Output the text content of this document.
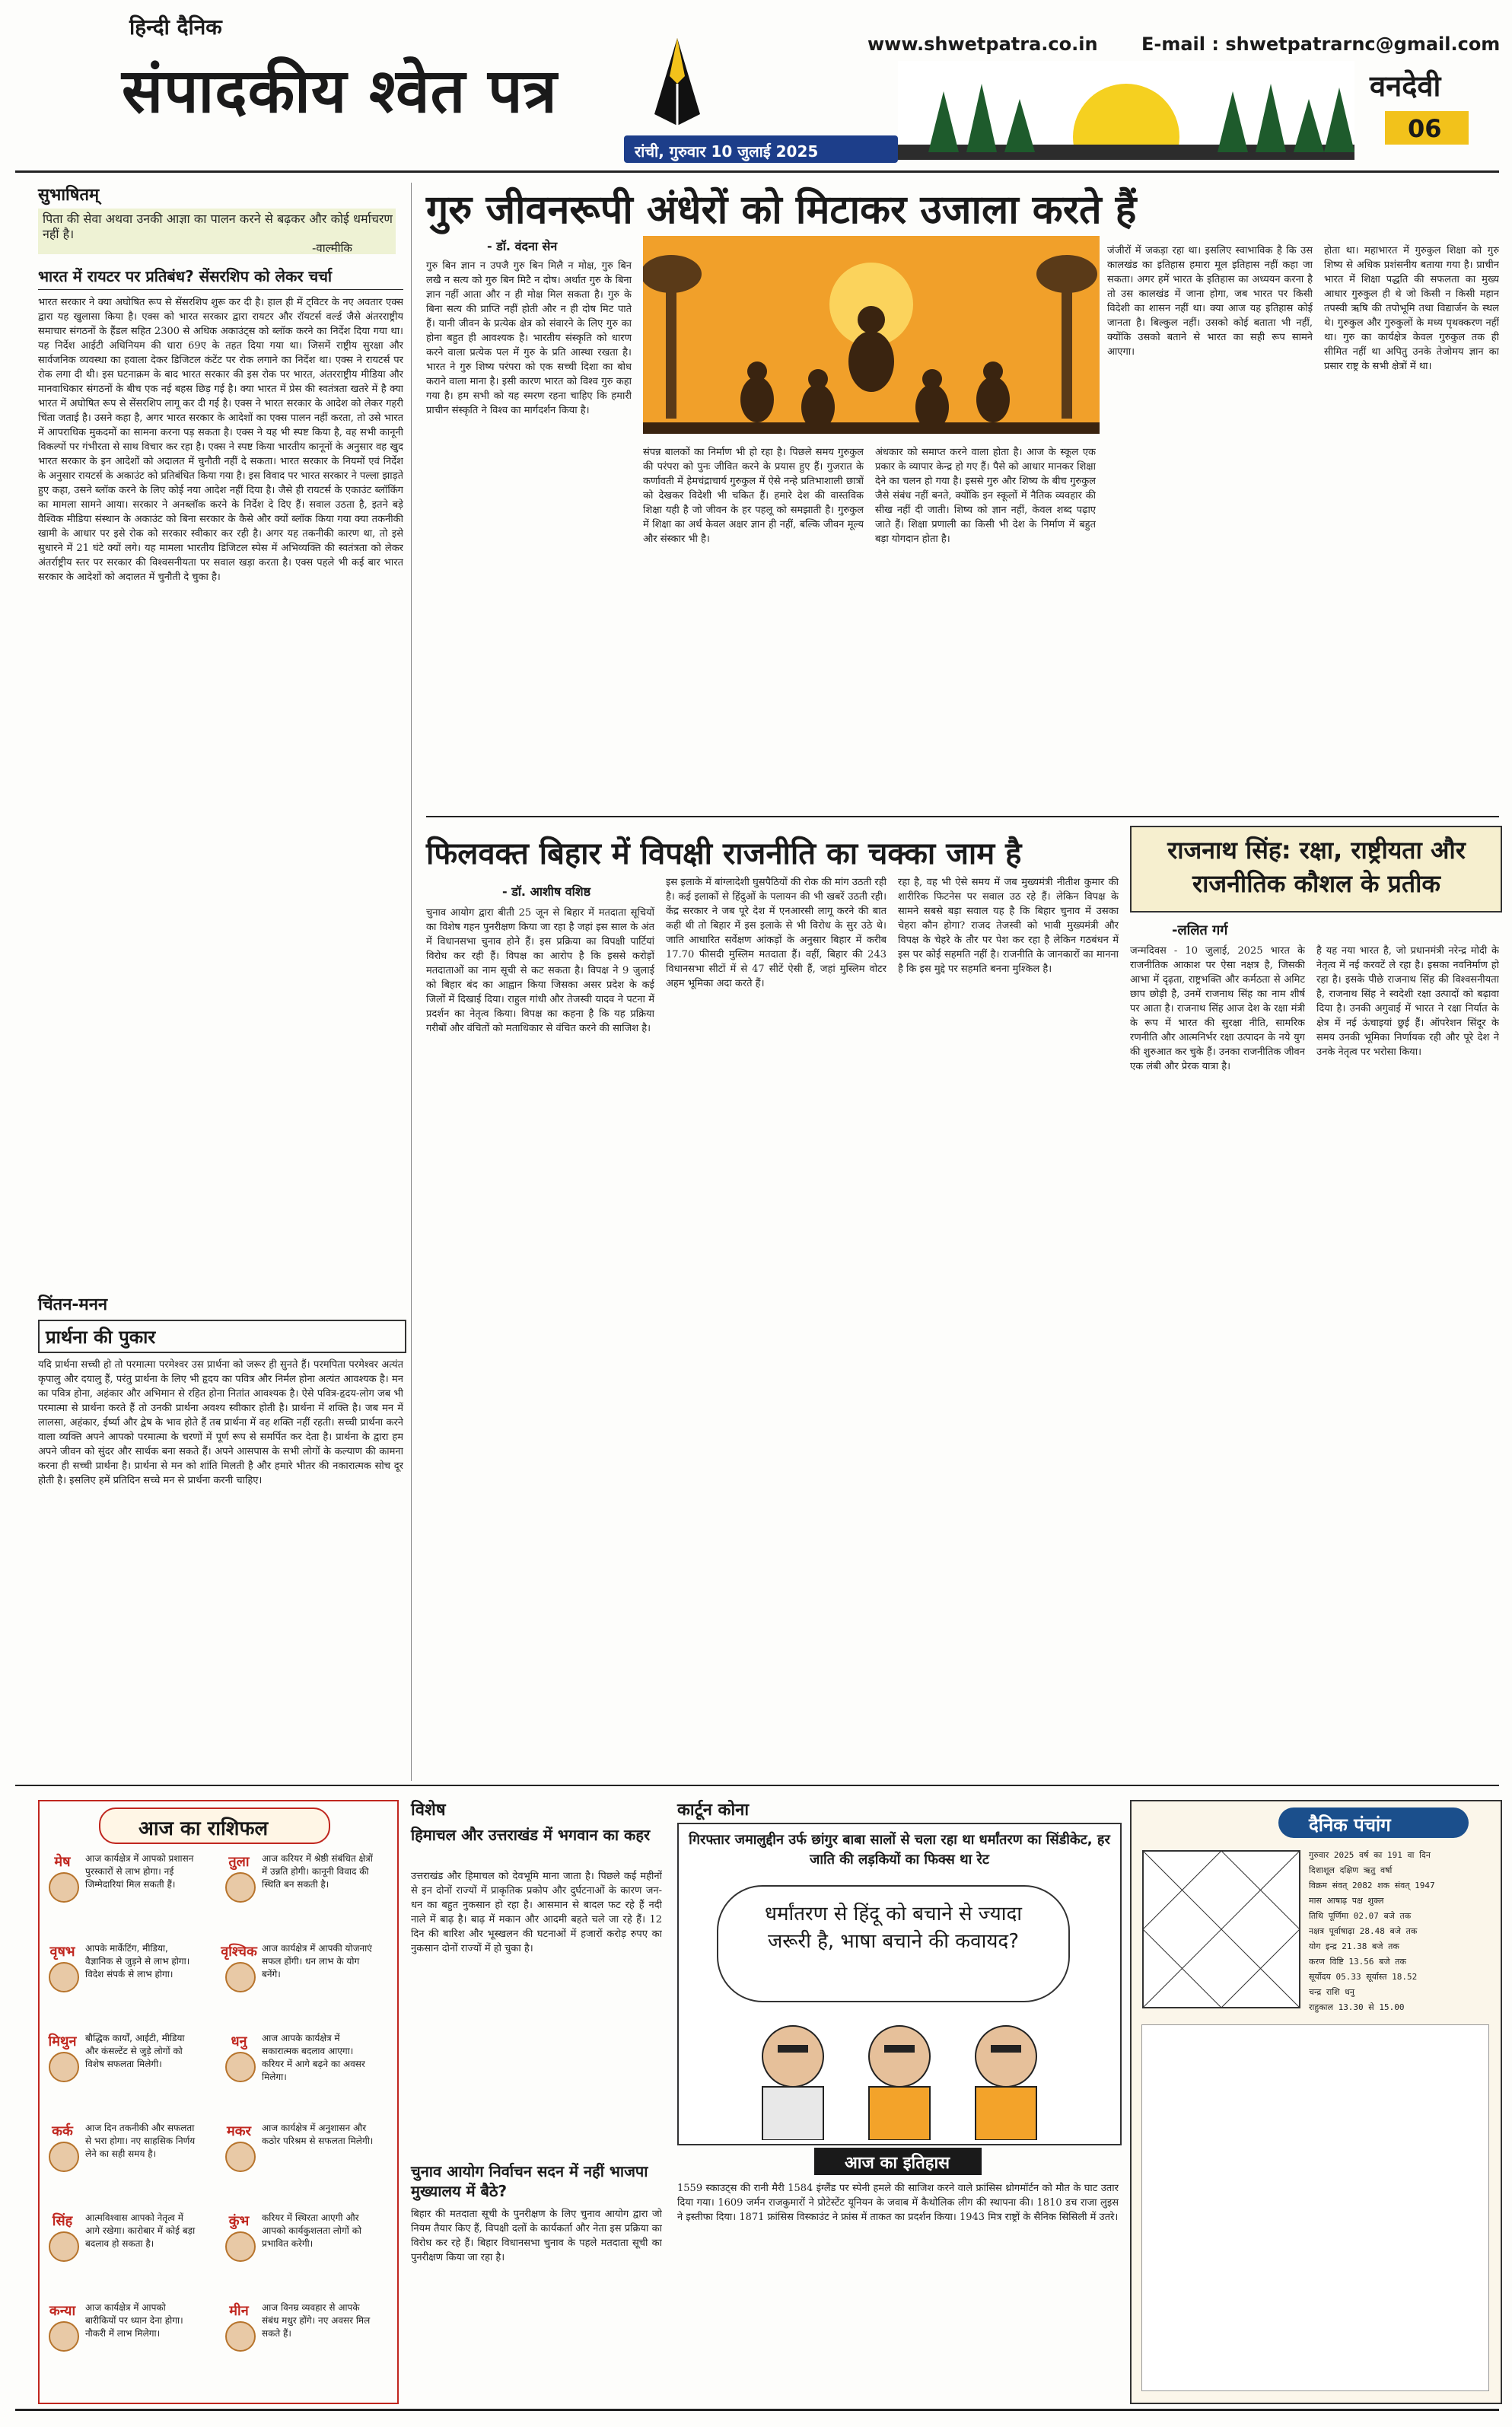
हिन्दी दैनिक
संपादकीय श्वेत पत्र
रांची, गुरुवार 10 जुलाई 2025
www.shwetpatra.co.in E-mail : shwetpatrarnc@gmail.com
वनदेवी
06
सुभाषितम्
पिता की सेवा अथवा उनकी आज्ञा का पालन करने से बढ़कर और कोई धर्माचरण नहीं है।
-वाल्मीकि
भारत में रायटर पर प्रतिबंध? सेंसरशिप को लेकर चर्चा
भारत सरकार ने क्या अघोषित रूप से सेंसरशिप शुरू कर दी है। हाल ही में ट्विटर के नए अवतार एक्स द्वारा यह खुलासा किया है। एक्स को भारत सरकार द्वारा रायटर और रॉयटर्स वर्ल्ड जैसे अंतरराष्ट्रीय समाचार संगठनों के हैंडल सहित 2300 से अधिक अकाउंट्स को ब्लॉक करने का निर्देश दिया गया था। यह निर्देश आईटी अधिनियम की धारा 69ए के तहत दिया गया था। जिसमें राष्ट्रीय सुरक्षा और सार्वजनिक व्यवस्था का हवाला देकर डिजिटल कंटेंट पर रोक लगाने का निर्देश था। एक्स ने रायटर्स पर रोक लगा दी थी। इस घटनाक्रम के बाद भारत सरकार की इस रोक पर भारत, अंतरराष्ट्रीय मीडिया और मानवाधिकार संगठनों के बीच एक नई बहस छिड़ गई है। क्या भारत में प्रेस की स्वतंत्रता खतरे में है क्या भारत में अघोषित रूप से सेंसरशिप लागू कर दी गई है। एक्स ने भारत सरकार के आदेश को लेकर गहरी चिंता जताई है। उसने कहा है, अगर भारत सरकार के आदेशों का एक्स पालन नहीं करता, तो उसे भारत में आपराधिक मुकदमों का सामना करना पड़ सकता है। एक्स ने यह भी स्पष्ट किया है, वह सभी कानूनी विकल्पों पर गंभीरता से साथ विचार कर रहा है। एक्स ने स्पष्ट किया भारतीय कानूनों के अनुसार वह खुद भारत सरकार के इन आदेशों को अदालत में चुनौती नहीं दे सकता। भारत सरकार के नियमों एवं निर्देश के अनुसार रायटर्स के अकाउंट को प्रतिबंधित किया गया है। इस विवाद पर भारत सरकार ने पल्ला झाड़ते हुए कहा, उसने ब्लॉक करने के लिए कोई नया आदेश नहीं दिया है। जैसे ही रायटर्स के एकाउंट ब्लॉकिंग का मामला सामने आया। सरकार ने अनब्लॉक करने के निर्देश दे दिए हैं। सवाल उठता है, इतने बड़े वैश्विक मीडिया संस्थान के अकाउंट को बिना सरकार के कैसे और क्यों ब्लॉक किया गया क्या तकनीकी खामी के आधार पर इसे रोक को सरकार स्वीकार कर रही है। अगर यह तकनीकी कारण था, तो इसे सुधारने में 21 घंटे क्यों लगे। यह मामला भारतीय डिजिटल स्पेस में अभिव्यक्ति की स्वतंत्रता को लेकर अंतर्राष्ट्रीय स्तर पर सरकार की विश्वसनीयता पर सवाल खड़ा करता है। एक्स पहले भी कई बार भारत सरकार के आदेशों को अदालत में चुनौती दे चुका है।
चिंतन-मनन
प्रार्थना की पुकार
यदि प्रार्थना सच्ची हो तो परमात्मा परमेश्वर उस प्रार्थना को जरूर ही सुनते हैं। परमपिता परमेश्वर अत्यंत कृपालु और दयालु हैं, परंतु प्रार्थना के लिए भी हृदय का पवित्र और निर्मल होना अत्यंत आवश्यक है। मन का पवित्र होना, अहंकार और अभिमान से रहित होना नितांत आवश्यक है। ऐसे पवित्र-हृदय-लोग जब भी परमात्मा से प्रार्थना करते हैं तो उनकी प्रार्थना अवश्य स्वीकार होती है। प्रार्थना में शक्ति है। जब मन में लालसा, अहंकार, ईर्ष्या और द्वेष के भाव होते हैं तब प्रार्थना में वह शक्ति नहीं रहती। सच्ची प्रार्थना करने वाला व्यक्ति अपने आपको परमात्मा के चरणों में पूर्ण रूप से समर्पित कर देता है। प्रार्थना के द्वारा हम अपने जीवन को सुंदर और सार्थक बना सकते हैं। अपने आसपास के सभी लोगों के कल्याण की कामना करना ही सच्ची प्रार्थना है। प्रार्थना से मन को शांति मिलती है और हमारे भीतर की नकारात्मक सोच दूर होती है। इसलिए हमें प्रतिदिन सच्चे मन से प्रार्थना करनी चाहिए।
गुरु जीवनरूपी अंधेरों को मिटाकर उजाला करते हैं
- डॉ. वंदना सेन
गुरु बिन ज्ञान न उपजै गुरु बिन मिलै न मोक्ष, गुरु बिन लखै न सत्य को गुरु बिन मिटै न दोष। अर्थात गुरु के बिना ज्ञान नहीं आता और न ही मोक्ष मिल सकता है। गुरु के बिना सत्य की प्राप्ति नहीं होती और न ही दोष मिट पाते हैं। यानी जीवन के प्रत्येक क्षेत्र को संवारने के लिए गुरु का होना बहुत ही आवश्यक है। भारतीय संस्कृति को धारण करने वाला प्रत्येक पल में गुरु के प्रति आस्था रखता है। भारत ने गुरु शिष्य परंपरा को एक सच्ची दिशा का बोध कराने वाला माना है। इसी कारण भारत को विश्व गुरु कहा गया है। हम सभी को यह स्मरण रहना चाहिए कि हमारी प्राचीन संस्कृति ने विश्व का मार्गदर्शन किया है।
संपन्न बालकों का निर्माण भी हो रहा है। पिछले समय गुरुकुल की परंपरा को पुनः जीवित करने के प्रयास हुए हैं। गुजरात के कर्णावती में हेमचंद्राचार्य गुरुकुल में ऐसे नन्हे प्रतिभाशाली छात्रों को देखकर विदेशी भी चकित हैं। हमारे देश की वास्तविक शिक्षा यही है जो जीवन के हर पहलू को समझाती है। गुरुकुल में शिक्षा का अर्थ केवल अक्षर ज्ञान ही नहीं, बल्कि जीवन मूल्य और संस्कार भी है।
अंधकार को समाप्त करने वाला होता है। आज के स्कूल एक प्रकार के व्यापार केन्द्र हो गए हैं। पैसे को आधार मानकर शिक्षा देने का चलन हो गया है। इससे गुरु और शिष्य के बीच गुरुकुल जैसे संबंध नहीं बनते, क्योंकि इन स्कूलों में नैतिक व्यवहार की सीख नहीं दी जाती। शिष्य को ज्ञान नहीं, केवल शब्द पढ़ाए जाते हैं। शिक्षा प्रणाली का किसी भी देश के निर्माण में बहुत बड़ा योगदान होता है।
जंजीरों में जकड़ा रहा था। इसलिए स्वाभाविक है कि उस कालखंड का इतिहास हमारा मूल इतिहास नहीं कहा जा सकता। अगर हमें भारत के इतिहास का अध्ययन करना है तो उस कालखंड में जाना होगा, जब भारत पर किसी विदेशी का शासन नहीं था। क्या आज यह इतिहास कोई जानता है। बिल्कुल नहीं। उसको कोई बताता भी नहीं, क्योंकि उसको बताने से भारत का सही रूप सामने आएगा।
होता था। महाभारत में गुरुकुल शिक्षा को गुरु शिष्य से अधिक प्रशंसनीय बताया गया है। प्राचीन भारत में शिक्षा पद्धति की सफलता का मुख्य आधार गुरुकुल ही थे जो किसी न किसी महान तपस्वी ऋषि की तपोभूमि तथा विद्यार्जन के स्थल थे। गुरुकुल और गुरुकुलों के मध्य पृथक्करण नहीं था। गुरु का कार्यक्षेत्र केवल गुरुकुल तक ही सीमित नहीं था अपितु उनके तेजोमय ज्ञान का प्रसार राष्ट्र के सभी क्षेत्रों में था।
फिलवक्त बिहार में विपक्षी राजनीति का चक्का जाम है
- डॉ. आशीष वशिष्ठ
चुनाव आयोग द्वारा बीती 25 जून से बिहार में मतदाता सूचियों का विशेष गहन पुनरीक्षण किया जा रहा है जहां इस साल के अंत में विधानसभा चुनाव होने हैं। इस प्रक्रिया का विपक्षी पार्टियां विरोध कर रही हैं। विपक्ष का आरोप है कि इससे करोड़ों मतदाताओं का नाम सूची से कट सकता है। विपक्ष ने 9 जुलाई को बिहार बंद का आह्वान किया जिसका असर प्रदेश के कई जिलों में दिखाई दिया। राहुल गांधी और तेजस्वी यादव ने पटना में प्रदर्शन का नेतृत्व किया। विपक्ष का कहना है कि यह प्रक्रिया गरीबों और वंचितों को मताधिकार से वंचित करने की साजिश है।
इस इलाके में बांग्लादेशी घुसपैठियों की रोक की मांग उठती रही है। कई इलाकों से हिंदुओं के पलायन की भी खबरें उठती रही। केंद्र सरकार ने जब पूरे देश में एनआरसी लागू करने की बात कही थी तो बिहार में इस इलाके से भी विरोध के सुर उठे थे। जाति आधारित सर्वेक्षण आंकड़ों के अनुसार बिहार में करीब 17.70 फीसदी मुस्लिम मतदाता हैं। वहीं, बिहार की 243 विधानसभा सीटों में से 47 सीटें ऐसी हैं, जहां मुस्लिम वोटर अहम भूमिका अदा करते हैं।
रहा है, वह भी ऐसे समय में जब मुख्यमंत्री नीतीश कुमार की शारीरिक फिटनेस पर सवाल उठ रहे हैं। लेकिन विपक्ष के सामने सबसे बड़ा सवाल यह है कि बिहार चुनाव में उसका चेहरा कौन होगा? राजद तेजस्वी को भावी मुख्यमंत्री और विपक्ष के चेहरे के तौर पर पेश कर रहा है लेकिन गठबंधन में इस पर कोई सहमति नहीं है। राजनीति के जानकारों का मानना है कि इस मुद्दे पर सहमति बनना मुश्किल है।
राजनाथ सिंह: रक्षा, राष्ट्रीयता और राजनीतिक कौशल के प्रतीक
-ललित गर्ग
जन्मदिवस - 10 जुलाई, 2025 भारत के राजनीतिक आकाश पर ऐसा नक्षत्र है, जिसकी आभा में दृढ़ता, राष्ट्रभक्ति और कर्मठता से अमिट छाप छोड़ी है, उनमें राजनाथ सिंह का नाम शीर्ष पर आता है। राजनाथ सिंह आज देश के रक्षा मंत्री के रूप में भारत की सुरक्षा नीति, सामरिक रणनीति और आत्मनिर्भर रक्षा उत्पादन के नये युग की शुरुआत कर चुके हैं। उनका राजनीतिक जीवन एक लंबी और प्रेरक यात्रा है।
है यह नया भारत है, जो प्रधानमंत्री नरेन्द्र मोदी के नेतृत्व में नई करवटें ले रहा है। इसका नवनिर्माण हो रहा है। इसके पीछे राजनाथ सिंह की विश्वसनीयता है, राजनाथ सिंह ने स्वदेशी रक्षा उत्पादों को बढ़ावा दिया है। उनकी अगुवाई में भारत ने रक्षा निर्यात के क्षेत्र में नई ऊंचाइयां छुई हैं। ऑपरेशन सिंदूर के समय उनकी भूमिका निर्णायक रही और पूरे देश ने उनके नेतृत्व पर भरोसा किया।
आज का राशिफल
मेष	आज कार्यक्षेत्र में आपको प्रशासन पुरस्कारों से लाभ होगा। नई जिम्मेदारियां मिल सकती हैं।
तुला	आज करियर में श्रेष्ठी संबंधित क्षेत्रों में उन्नति होगी। कानूनी विवाद की स्थिति बन सकती है।
वृषभ	आपके मार्केटिंग, मीडिया, वैज्ञानिक से जुड़ने से लाभ होगा। विदेश संपर्क से लाभ होगा।
वृश्चिक आज कार्यक्षेत्र में आपकी योजनाएं सफल होंगी। धन लाभ के योग बनेंगे।
मिथुन बौद्धिक कार्यों, आईटी, मीडिया और कंसल्टेंट से जुड़े लोगों को विशेष सफलता मिलेगी।
धनु	आज आपके कार्यक्षेत्र में सकारात्मक बदलाव आएगा। करियर में आगे बढ़ने का अवसर मिलेगा।
कर्क	आज दिन तकनीकी और सफलता से भरा होगा। नए साहसिक निर्णय लेने का सही समय है।
मकर	आज कार्यक्षेत्र में अनुशासन और कठोर परिश्रम से सफलता मिलेगी।
सिंह	आत्मविश्वास आपको नेतृत्व में आगे रखेगा। कारोबार में कोई बड़ा बदलाव हो सकता है।
कुंभ	करियर में स्थिरता आएगी और आपको कार्यकुशलता लोगों को प्रभावित करेगी।
कन्या	आज कार्यक्षेत्र में आपको बारीकियों पर ध्यान देना होगा। नौकरी में लाभ मिलेगा।
मीन	आज विनम्र व्यवहार से आपके संबंध मधुर होंगे। नए अवसर मिल सकते हैं।
विशेष
हिमाचल और उत्तराखंड में भगवान का कहर
उत्तराखंड और हिमाचल को देवभूमि माना जाता है। पिछले कई महीनों से इन दोनों राज्यों में प्राकृतिक प्रकोप और दुर्घटनाओं के कारण जन-धन का बहुत नुकसान हो रहा है। आसमान से बादल फट रहे हैं नदी नाले में बाढ़ है। बाढ़ में मकान और आदमी बहते चले जा रहे हैं। 12 दिन की बारिश और भूस्खलन की घटनाओं में हजारों करोड़ रुपए का नुकसान दोनों राज्यों में हो चुका है।
चुनाव आयोग निर्वाचन सदन में नहीं भाजपा मुख्यालय में बैठे?
बिहार की मतदाता सूची के पुनरीक्षण के लिए चुनाव आयोग द्वारा जो नियम तैयार किए हैं, विपक्षी दलों के कार्यकर्ता और नेता इस प्रक्रिया का विरोध कर रहे हैं। बिहार विधानसभा चुनाव के पहले मतदाता सूची का पुनरीक्षण किया जा रहा है।
कार्टून कोना
गिरफ्तार जमालुद्दीन उर्फ छांगुर बाबा सालों से चला रहा था धर्मांतरण का सिंडीकेट, हर जाति की लड़कियों का फिक्स था रेट
धर्मांतरण से हिंदू को बचाने से ज्यादा जरूरी है, भाषा बचाने की कवायद?
आज का इतिहास
1559 स्काउट्स की रानी मैरी 1584 इंग्लैंड पर स्पेनी हमले की साजिश करने वाले फ्रांसिस थ्रोगमॉर्टन को मौत के घाट उतार दिया गया। 1609 जर्मन राजकुमारों ने प्रोटेस्टेंट यूनियन के जवाब में कैथोलिक लीग की स्थापना की। 1810 डच राजा लुइस ने इस्तीफा दिया। 1871 फ्रांसिस विस्काउंट ने फ्रांस में ताकत का प्रदर्शन किया। 1943 मित्र राष्ट्रों के सैनिक सिसिली में उतरे।
दैनिक पंचांग
गुरुवार 2025 वर्ष का 191 वा दिन
दिशाशूल दक्षिण ऋतु वर्षा
विक्रम संवत् 2082 शक संवत् 1947
मास आषाढ़ पक्ष शुक्ल
तिथि पूर्णिमा 02.07 बजे तक
नक्षत्र पूर्वाषाढ़ा 28.48 बजे तक
योग इन्द्र 21.38 बजे तक
करण विष्टि 13.56 बजे तक
सूर्योदय 05.33 सूर्यास्त 18.52
चन्द्र राशि धनु
राहुकाल 13.30 से 15.00
